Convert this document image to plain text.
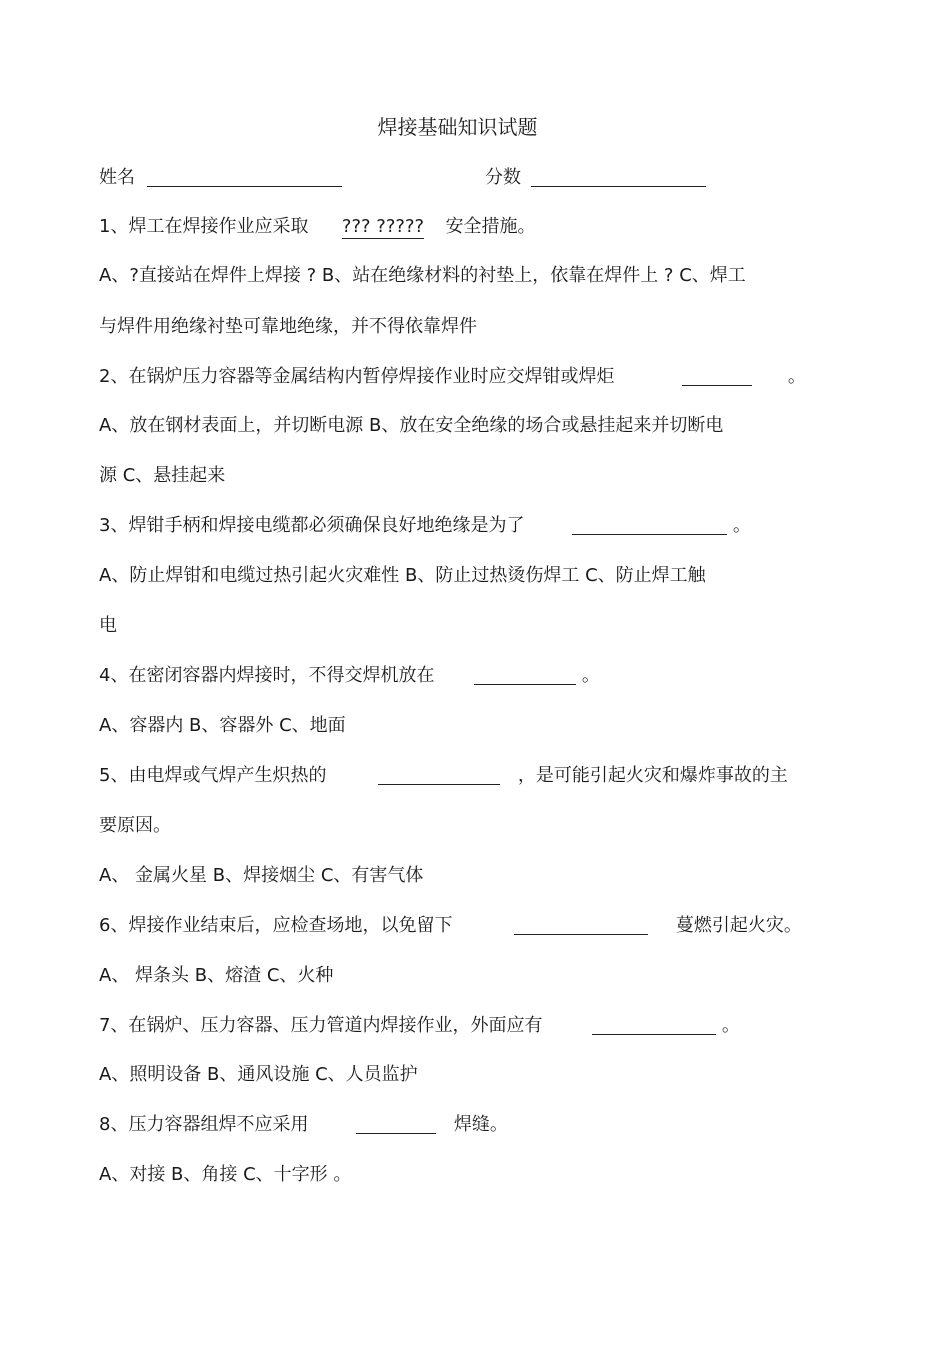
焊接基础知识试题
姓名	分数
1、焊工在焊接作业应采取 ??? ????? 安全措施。
A、?直接站在焊件上焊接 ? B、站在绝缘材料的衬垫上，依靠在焊件上 ? C、焊工
与焊件用绝缘衬垫可靠地绝缘，并不得依靠焊件
2、在锅炉压力容器等金属结构内暂停焊接作业时应交焊钳或焊炬	。
A、放在钢材表面上，并切断电源 B、放在安全绝缘的场合或悬挂起来并切断电
源 C、悬挂起来
3、焊钳手柄和焊接电缆都必须确保良好地绝缘是为了	。
A、防止焊钳和电缆过热引起火灾难性 B、防止过热烫伤焊工 C、防止焊工触
电
4、在密闭容器内焊接时，不得交焊机放在	。
A、容器内 B、容器外 C、地面
5、由电焊或气焊产生炽热的	，是可能引起火灾和爆炸事故的主
要原因。
A、 金属火星 B、焊接烟尘 C、有害气体
6、焊接作业结束后，应检查场地，以免留下	蔓燃引起火灾。
A、 焊条头 B、熔渣 C、火种
7、在锅炉、压力容器、压力管道内焊接作业，外面应有	。
A、照明设备 B、通风设施 C、人员监护
8、压力容器组焊不应采用	焊缝。
A、对接 B、角接 C、十字形 。
